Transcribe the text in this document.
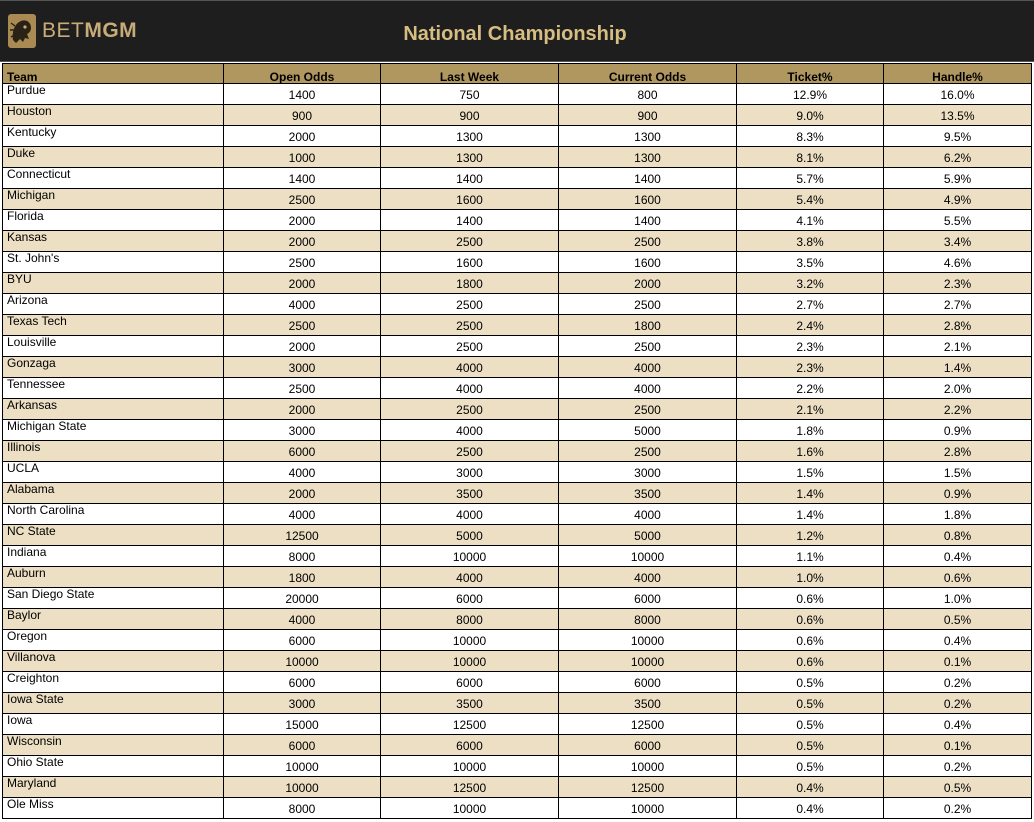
BETMGM	National Championship
Team	Open Odds	Last Week	Current Odds	Ticket%	Handle%
Purdue	1400	750	800	12.9%	16.0%
Houston	900	900	900	9.0%	13.5%
Kentucky	2000	1300	1300	8.3%	9.5%
Duke	1000	1300	1300	8.1%	6.2%
Connecticut	1400	1400	1400	5.7%	5.9%
Michigan	2500	1600	1600	5.4%	4.9%
Florida	2000	1400	1400	4.1%	5.5%
Kansas	2000	2500	2500	3.8%	3.4%
St. John's	2500	1600	1600	3.5%	4.6%
BYU	2000	1800	2000	3.2%	2.3%
Arizona	4000	2500	2500	2.7%	2.7%
Texas Tech	2500	2500	1800	2.4%	2.8%
Louisville	2000	2500	2500	2.3%	2.1%
Gonzaga	3000	4000	4000	2.3%	1.4%
Tennessee	2500	4000	4000	2.2%	2.0%
Arkansas	2000	2500	2500	2.1%	2.2%
Michigan State	3000	4000	5000	1.8%	0.9%
Illinois	6000	2500	2500	1.6%	2.8%
UCLA	4000	3000	3000	1.5%	1.5%
Alabama	2000	3500	3500	1.4%	0.9%
North Carolina	4000	4000	4000	1.4%	1.8%
NC State	12500	5000	5000	1.2%	0.8%
Indiana	8000	10000	10000	1.1%	0.4%
Auburn	1800	4000	4000	1.0%	0.6%
San Diego State	20000	6000	6000	0.6%	1.0%
Baylor	4000	8000	8000	0.6%	0.5%
Oregon	6000	10000	10000	0.6%	0.4%
Villanova	10000	10000	10000	0.6%	0.1%
Creighton	6000	6000	6000	0.5%	0.2%
Iowa State	3000	3500	3500	0.5%	0.2%
Iowa	15000	12500	12500	0.5%	0.4%
Wisconsin	6000	6000	6000	0.5%	0.1%
Ohio State	10000	10000	10000	0.5%	0.2%
Maryland	10000	12500	12500	0.4%	0.5%
Ole Miss	8000	10000	10000	0.4%	0.2%
